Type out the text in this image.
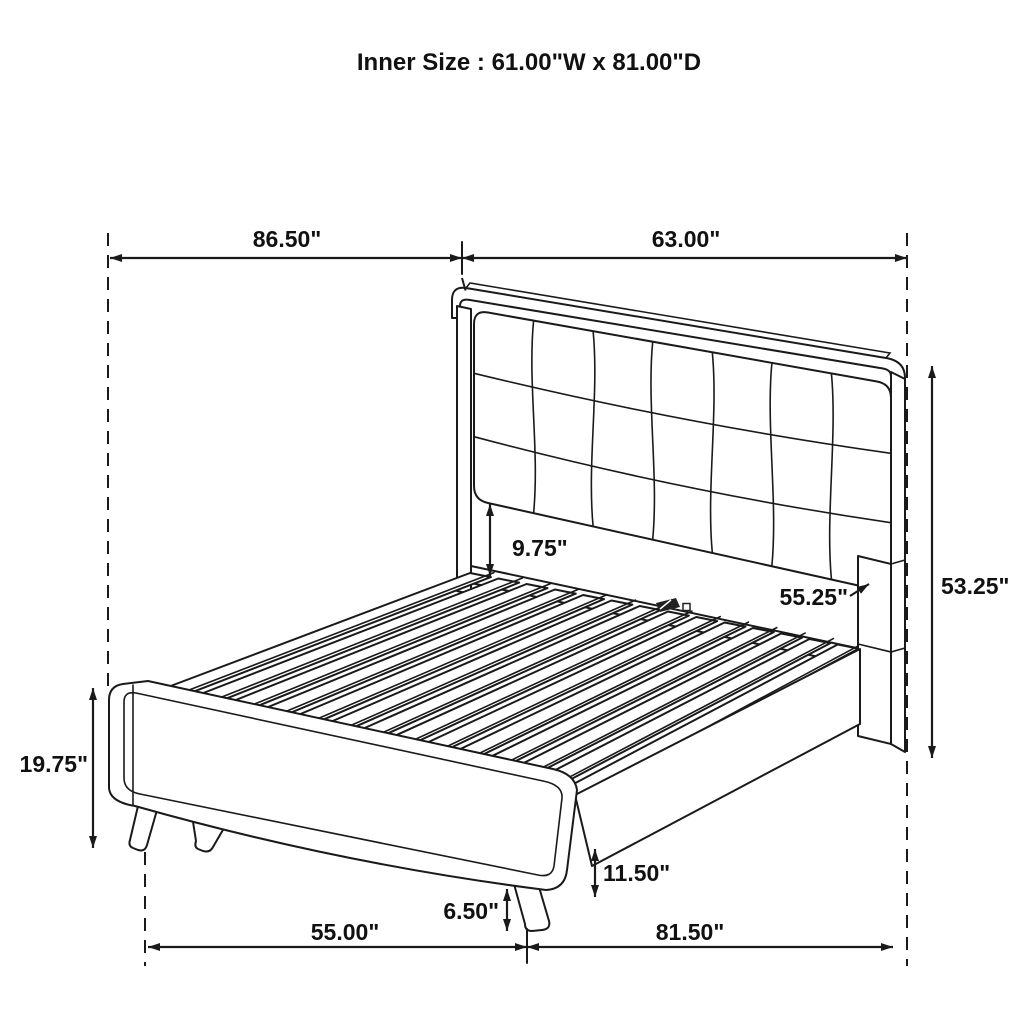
86.50"	63.00"
55.00"	81.50"
53.25"
19.75"
9.75"
11.50"
6.50"
55.25"
Inner Size : 61.00"W x 81.00"D
